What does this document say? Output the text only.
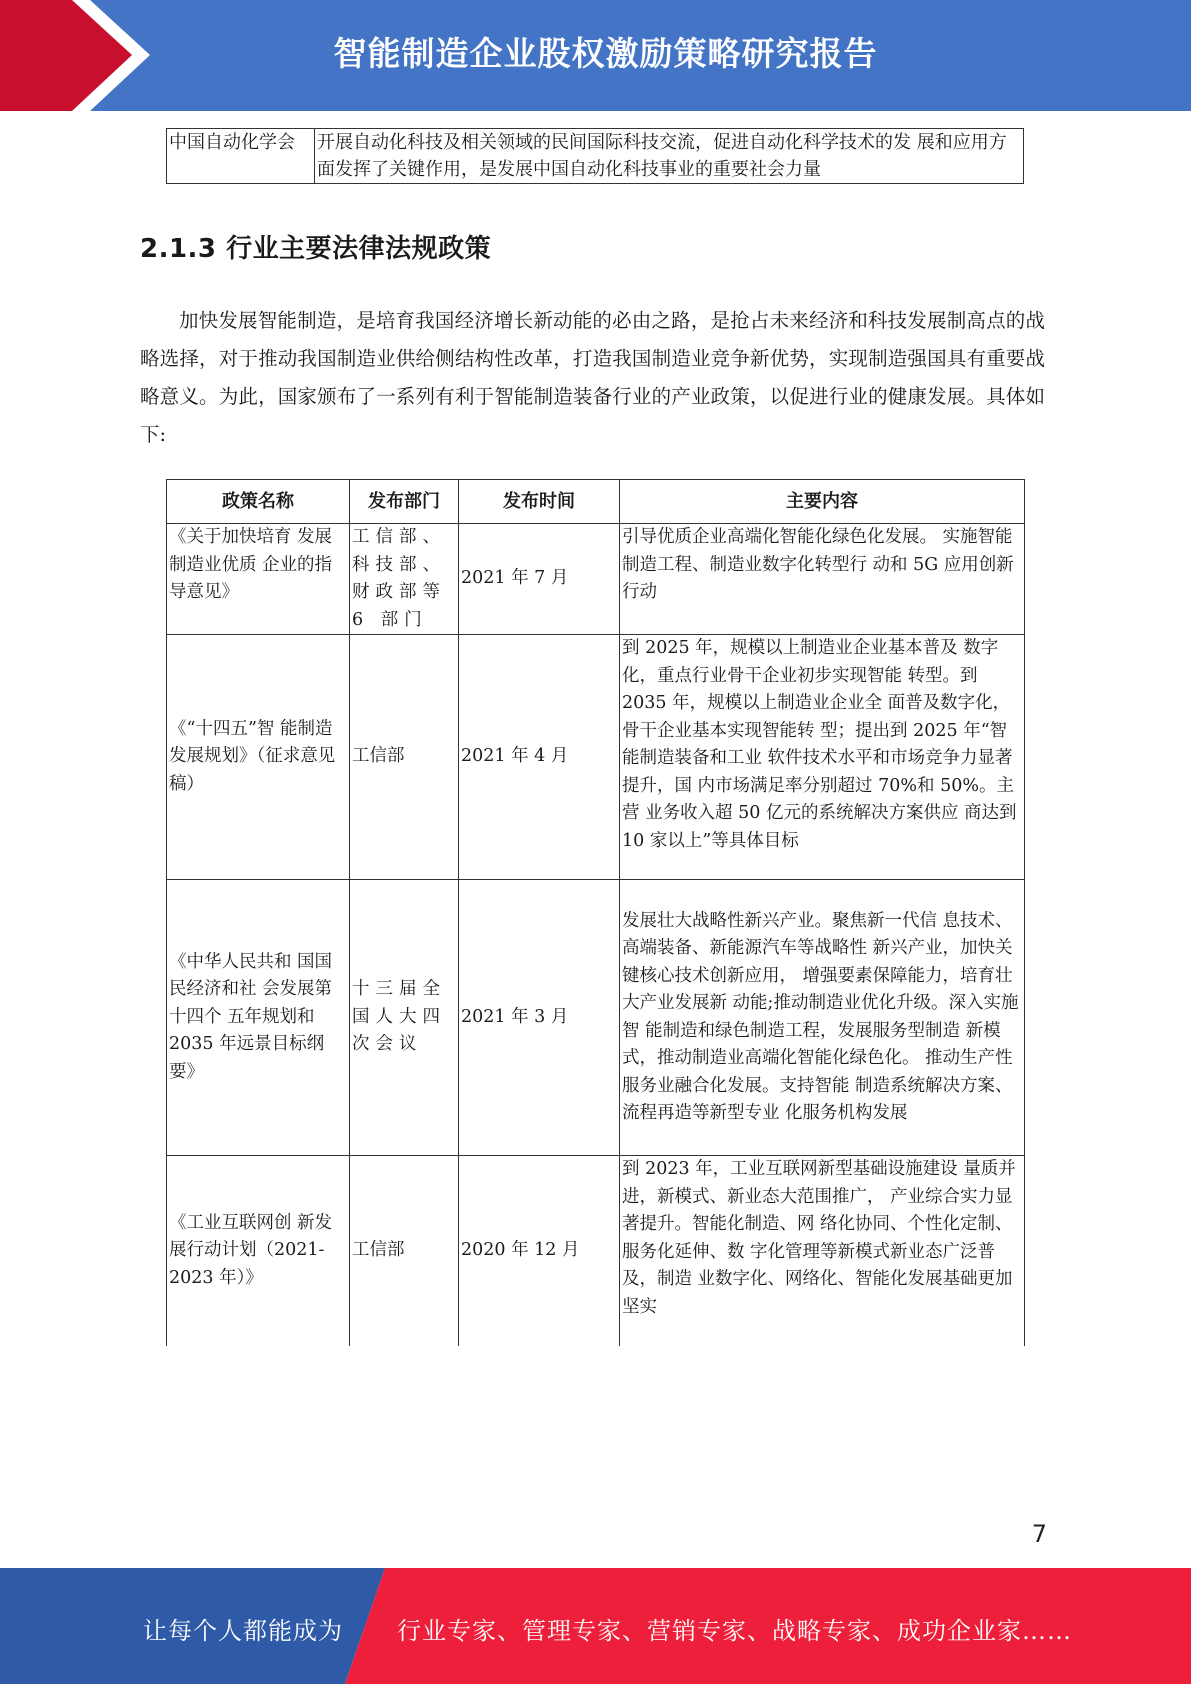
智能制造企业股权激励策略研究报告
中国自动化学会	开展自动化科技及相关领域的民间国际科技交流，促进自动化科学技术的发 展和应用方面发挥了关键作用，是发展中国自动化科技事业的重要社会力量
2.1.3 行业主要法律法规政策

加快发展智能制造，是培育我国经济增长新动能的必由之路，是抢占未来经济和科技发展制高点的战略选择，对于推动我国制造业供给侧结构性改革，打造我国制造业竞争新优势，实现制造强国具有重要战略意义。为此，国家颁布了一系列有利于智能制造装备行业的产业政策，以促进行业的健康发展。具体如下:

政策名称	发布部门	发布时间	主要内容
《关于加快培育 发展制造业优质 企业的指导意见》	工信部、科技部、财政部等 6 部门	2021 年 7 月	引导优质企业高端化智能化绿色化发展。 实施智能制造工程、制造业数字化转型行 动和 5G 应用创新行动
《“十四五”智 能制造发展规划》（征求意见稿）	工信部	2021 年 4 月	到 2025 年，规模以上制造业企业基本普及 数字化，重点行业骨干企业初步实现智能 转型。到 2035 年，规模以上制造业企业全 面普及数字化，骨干企业基本实现智能转 型；提出到 2025 年“智能制造装备和工业 软件技术水平和市场竞争力显著提升，国 内市场满足率分别超过 70%和 50%。主营 业务收入超 50 亿元的系统解决方案供应 商达到 10 家以上”等具体目标
《中华人民共和 国国民经济和社 会发展第十四个 五年规划和 2035 年远景目标纲要》	十三届全国人大四次会议	2021 年 3 月	发展壮大战略性新兴产业。聚焦新一代信 息技术、高端装备、新能源汽车等战略性 新兴产业，加快关键核心技术创新应用， 增强要素保障能力，培育壮大产业发展新 动能;推动制造业优化升级。深入实施智 能制造和绿色制造工程，发展服务型制造 新模式，推动制造业高端化智能化绿色化。 推动生产性服务业融合化发展。支持智能 制造系统解决方案、流程再造等新型专业 化服务机构发展
《工业互联网创 新发展行动计划（2021-2023 年）》	工信部	2020 年 12 月	到 2023 年，工业互联网新型基础设施建设 量质并进，新模式、新业态大范围推广， 产业综合实力显著提升。智能化制造、网 络化协同、个性化定制、服务化延伸、数 字化管理等新模式新业态广泛普及，制造 业数字化、网络化、智能化发展基础更加 坚实
7
让每个人都能成为 行业专家、管理专家、营销专家、战略专家、成功企业家……
